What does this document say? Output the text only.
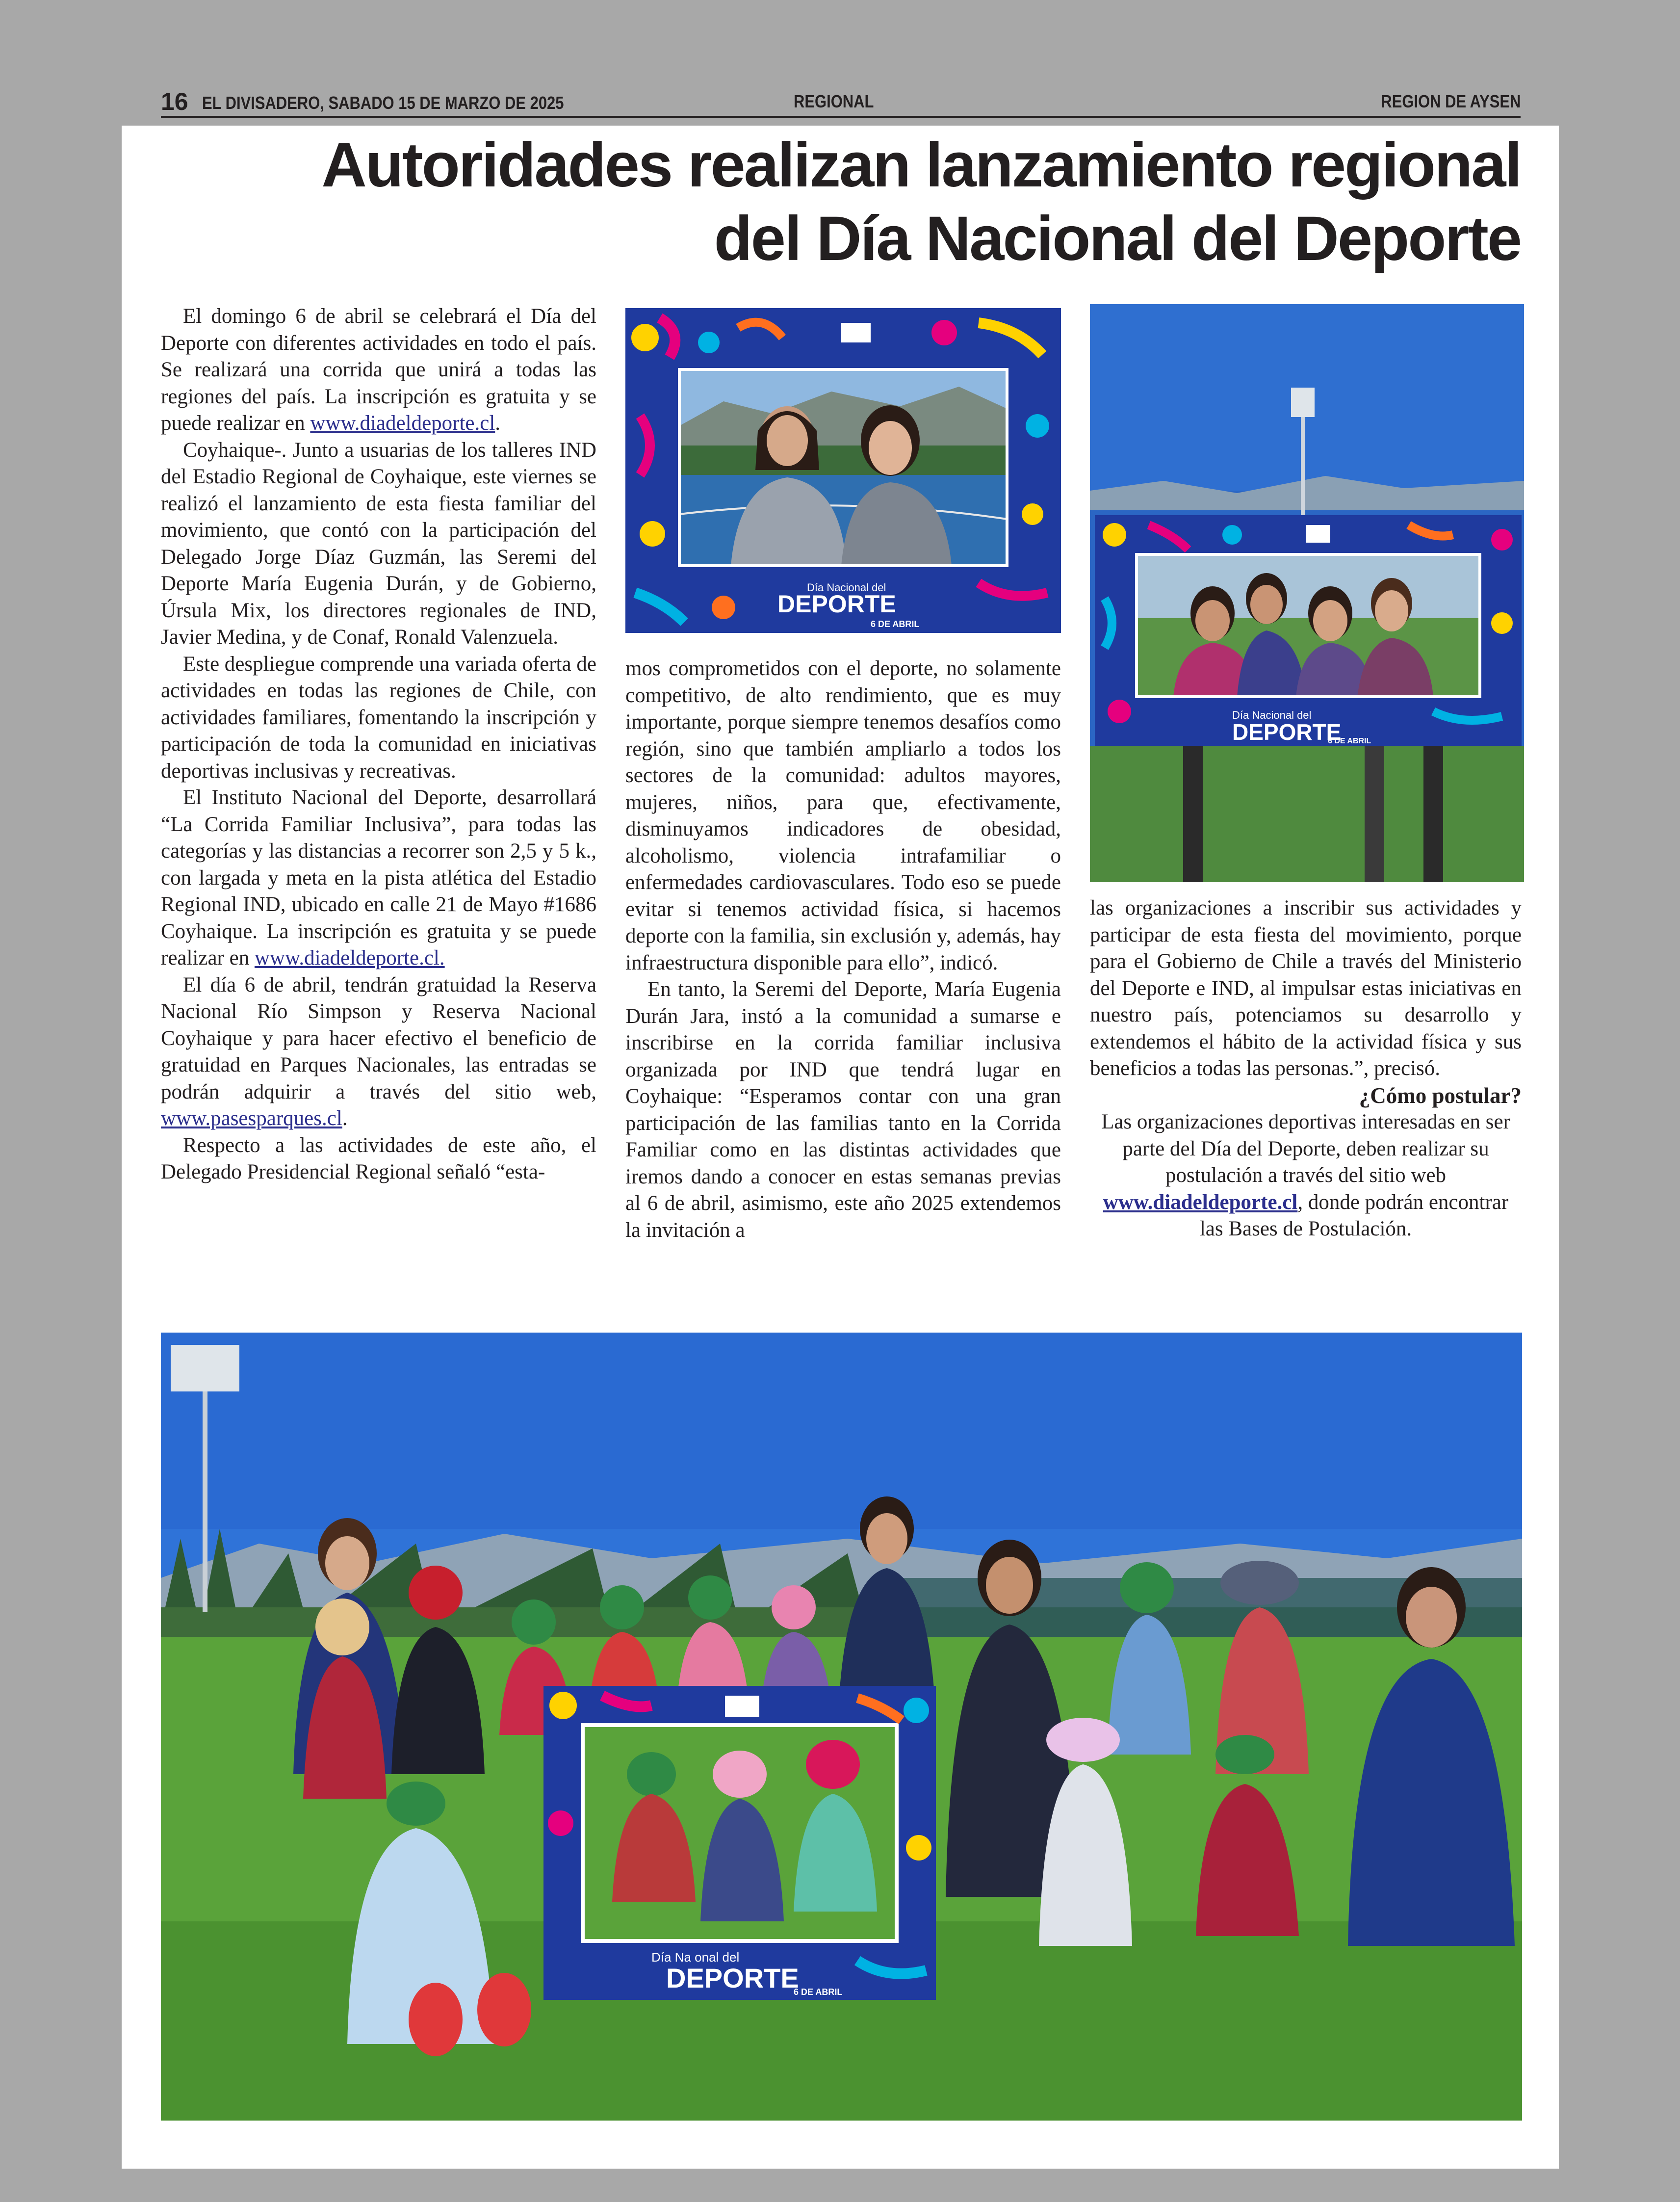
16 EL DIVISADERO, SABADO 15 DE MARZO DE 2025	REGIONAL	REGION DE AYSEN
Autoridades realizan lanzamiento regional
del Día Nacional del Deporte

El domingo 6 de abril se celebrará el Día del Deporte con diferentes actividades en todo el país. Se realizará una corrida que unirá a todas las regiones del país. La inscripción es gratuita y se puede realizar en www.diadeldeporte.cl.

Coyhaique-. Junto a usuarias de los talleres IND del Estadio Regional de Coyhaique, este viernes se realizó el lanzamiento de esta fiesta familiar del movimiento, que contó con la participación del Delegado Jorge Díaz Guzmán, las Seremi del Deporte María Eugenia Durán, y de Gobierno, Úrsula Mix, los directores regionales de IND, Javier Medina, y de Conaf, Ronald Valenzuela.

Este despliegue comprende una variada oferta de actividades en todas las regiones de Chile, con actividades familiares, fomentando la inscripción y participación de toda la comunidad en iniciativas deportivas inclusivas y recreativas.

El Instituto Nacional del Deporte, desarrollará “La Corrida Familiar Inclusiva”, para todas las categorías y las distancias a recorrer son 2,5 y 5 k., con largada y meta en la pista atlética del Estadio Regional IND, ubicado en calle 21 de Mayo #1686 Coyhaique. La inscripción es gratuita y se puede realizar en www.diadeldeporte.cl.

El día 6 de abril, tendrán gratuidad la Reserva Nacional Río Simpson y Reserva Nacional Coyhaique y para hacer efectivo el beneficio de gratuidad en Parques Nacionales, las entradas se podrán adquirir a través del sitio web, www.pasesparques.cl.

Respecto a las actividades de este año, el Delegado Presidencial Regional señaló “esta-

Día Nacional del
DEPORTE
6 DE ABRIL

mos comprometidos con el deporte, no solamente competitivo, de alto rendimiento, que es muy importante, porque siempre tenemos desafíos como región, sino que también ampliarlo a todos los sectores de la comunidad: adultos mayores, mujeres, niños, para que, efectivamente, disminuyamos indicadores de obesidad, alcoholismo, violencia intrafamiliar o enfermedades cardiovasculares. Todo eso se puede evitar si tenemos actividad física, si hacemos deporte con la familia, sin exclusión y, además, hay infraestructura disponible para ello”, indicó.

En tanto, la Seremi del Deporte, María Eugenia Durán Jara, instó a la comunidad a sumarse e inscribirse en la corrida familiar inclusiva organizada por IND que tendrá lugar en Coyhaique: “Esperamos contar con una gran participación de las familias tanto en la Corrida Familiar como en las distintas actividades que iremos dando a conocer en estas semanas previas al 6 de abril, asimismo, este año 2025 extendemos la invitación a

Día Nacional del
DEPORTE
6 DE ABRIL

las organizaciones a inscribir sus actividades y participar de esta fiesta del movimiento, porque para el Gobierno de Chile a través del Ministerio del Deporte e IND, al impulsar estas iniciativas en nuestro país, potenciamos su desarrollo y extendemos el hábito de la actividad física y sus beneficios a todas las personas.”, precisó.

¿Cómo postular?

Las organizaciones deportivas interesadas en ser parte del Día del Deporte, deben realizar su postulación a través del sitio web www.diadeldeporte.cl, donde podrán encontrar las Bases de Postulación.

Día Na onal del
DEPORTE
6 DE ABRIL
